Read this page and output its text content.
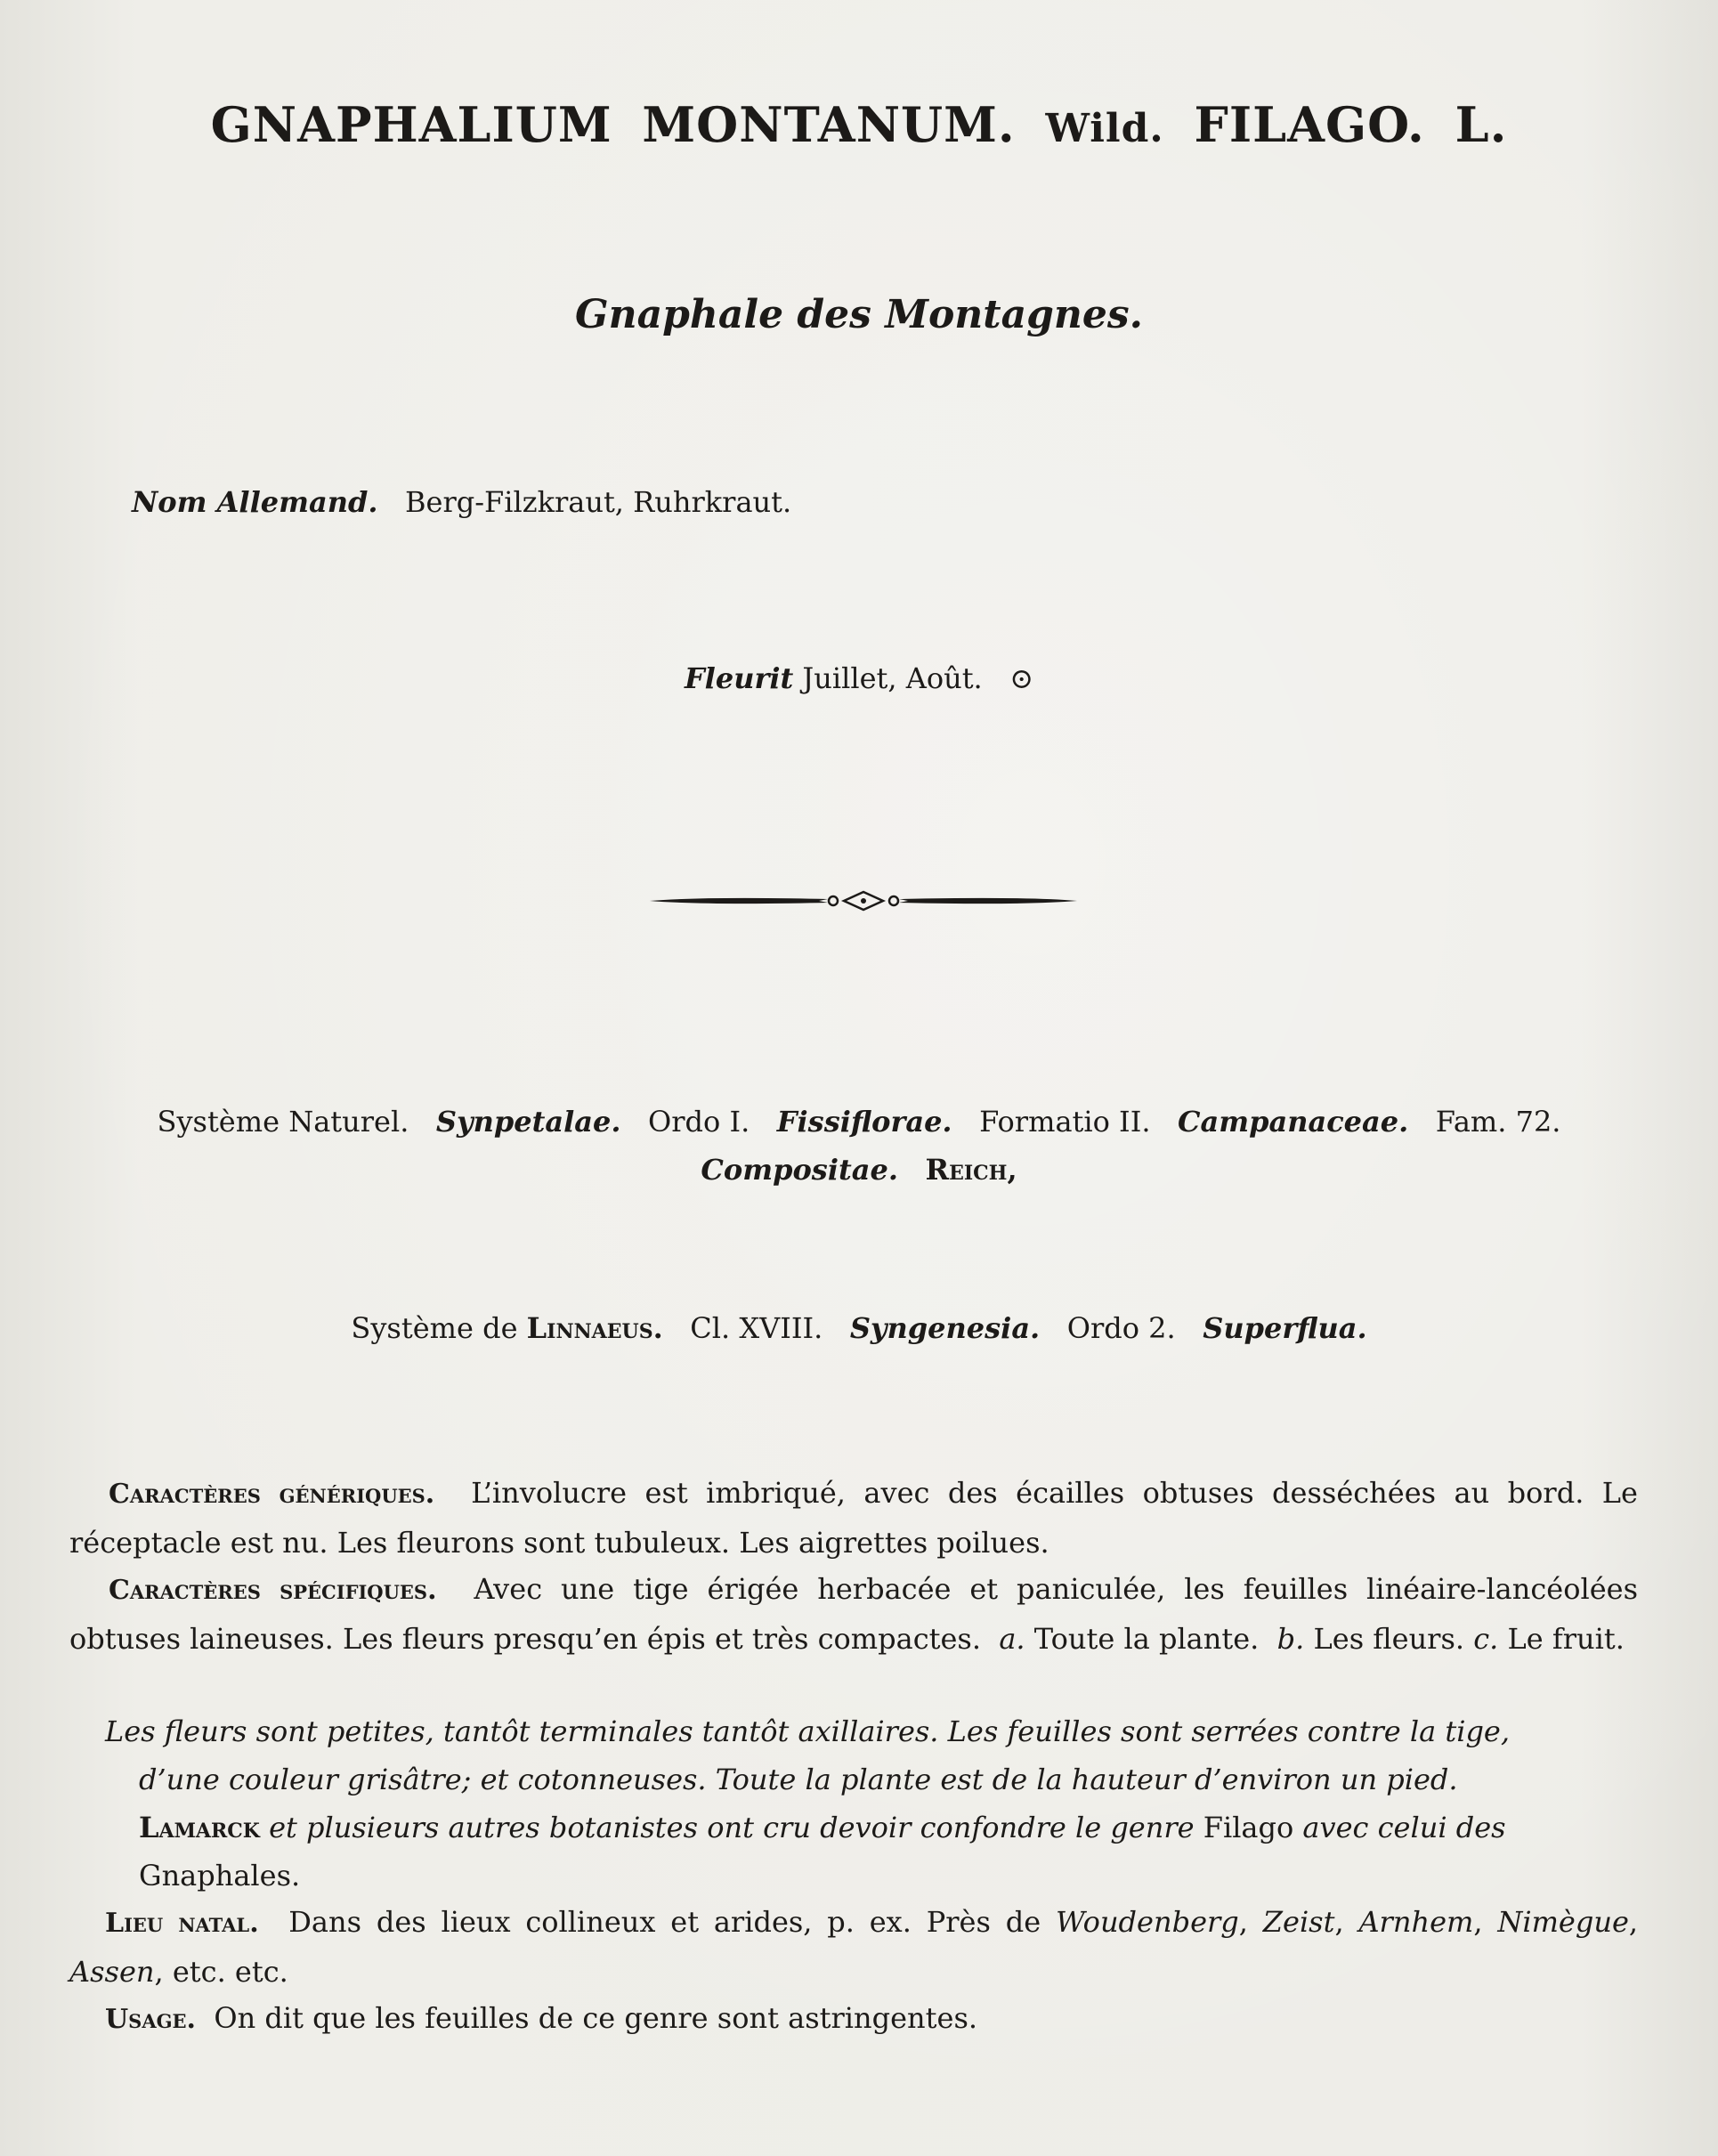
GNAPHALIUM MONTANUM. Wild. FILAGO. L.
Gnaphale des Montagnes.
Nom Allemand. Berg-Filzkraut, Ruhrkraut.
Fleurit Juillet, Août. ⊙
Système Naturel. Synpetalae. Ordo I. Fissiflorae. Formatio II. Campanaceae. Fam. 72.
Compositae. Reich,
Système de Linnaeus. Cl. XVIII. Syngenesia. Ordo 2. Superflua.
Caractères génériques. L’involucre est imbriqué, avec des écailles obtuses desséchées au bord. Le réceptacle est nu. Les fleurons sont tubuleux. Les aigrettes poilues.
Caractères spécifiques. Avec une tige érigée herbacée et paniculée, les feuilles linéaire-lancéolées obtuses laineuses. Les fleurs presqu’en épis et très compactes. a. Toute la plante. b. Les fleurs. c. Le fruit.
Les fleurs sont petites, tantôt terminales tantôt axillaires. Les feuilles sont serrées contre la tige,
d’une couleur grisâtre; et cotonneuses. Toute la plante est de la hauteur d’environ un pied.
Lamarck et plusieurs autres botanistes ont cru devoir confondre le genre Filago avec celui des
Gnaphales.
Lieu natal. Dans des lieux collineux et arides, p. ex. Près de Woudenberg, Zeist, Arnhem, Nimègue, Assen, etc. etc.
Usage. On dit que les feuilles de ce genre sont astringentes.
